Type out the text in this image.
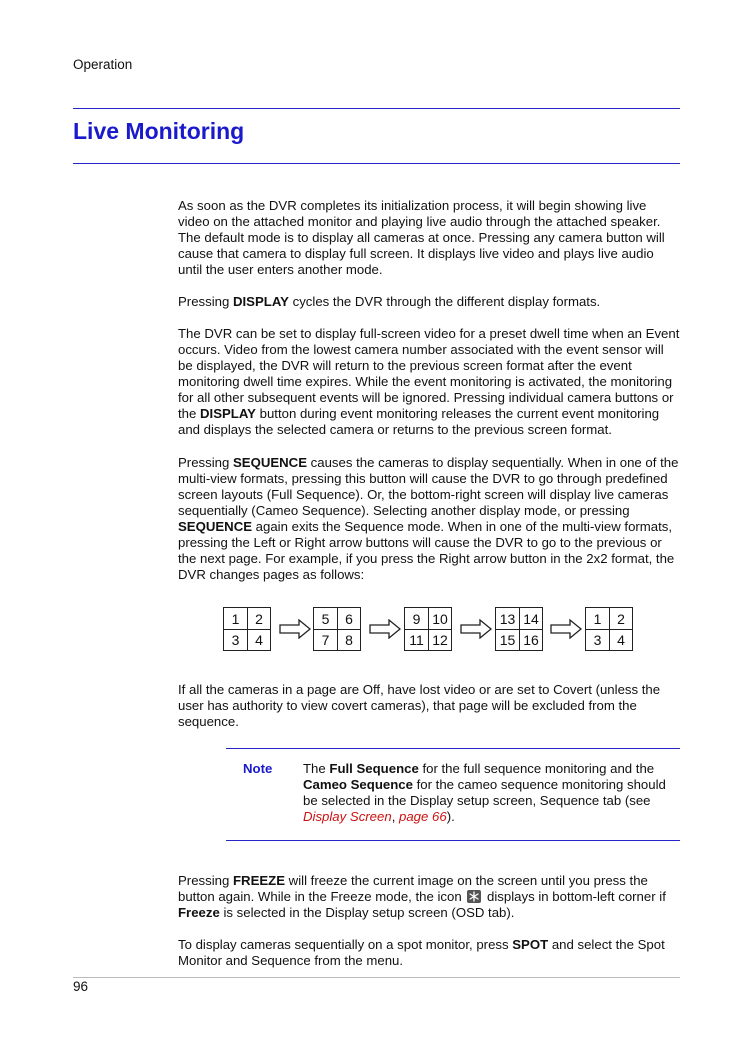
Operation
Live Monitoring

As soon as the DVR completes its initialization process, it will begin showing live video on the attached monitor and playing live audio through the attached speaker. The default mode is to display all cameras at once. Pressing any camera button will cause that camera to display full screen. It displays live video and plays live audio until the user enters another mode.

Pressing DISPLAY cycles the DVR through the different display formats.

The DVR can be set to display full-screen video for a preset dwell time when an Event occurs. Video from the lowest camera number associated with the event sensor will be displayed, the DVR will return to the previous screen format after the event monitoring dwell time expires. While the event monitoring is activated, the monitoring for all other subsequent events will be ignored. Pressing individual camera buttons or the DISPLAY button during event monitoring releases the current event monitoring and displays the selected camera or returns to the previous screen format.

Pressing SEQUENCE causes the cameras to display sequentially. When in one of the multi-view formats, pressing this button will cause the DVR to go through predefined screen layouts (Full Sequence). Or, the bottom-right screen will display live cameras sequentially (Cameo Sequence). Selecting another display mode, or pressing SEQUENCE again exits the Sequence mode. When in one of the multi-view formats, pressing the Left or Right arrow buttons will cause the DVR to go to the previous or the next page. For example, if you press the Right arrow button in the 2x2 format, the DVR changes pages as follows:

1	2
3	4
5	6
7	8
9 10
11 12
13 14
15 16
1	2
3	4

If all the cameras in a page are Off, have lost video or are set to Covert (unless the user has authority to view covert cameras), that page will be excluded from the sequence.

Note The Full Sequence for the full sequence monitoring and the Cameo Sequence for the cameo sequence monitoring should be selected in the Display setup screen, Sequence tab (see Display Screen, page 66).

Pressing FREEZE will freeze the current image on the screen until you press the button again. While in the Freeze mode, the icon  displays in bottom-left corner if Freeze is selected in the Display setup screen (OSD tab).

To display cameras sequentially on a spot monitor, press SPOT and select the Spot Monitor and Sequence from the menu.

96
